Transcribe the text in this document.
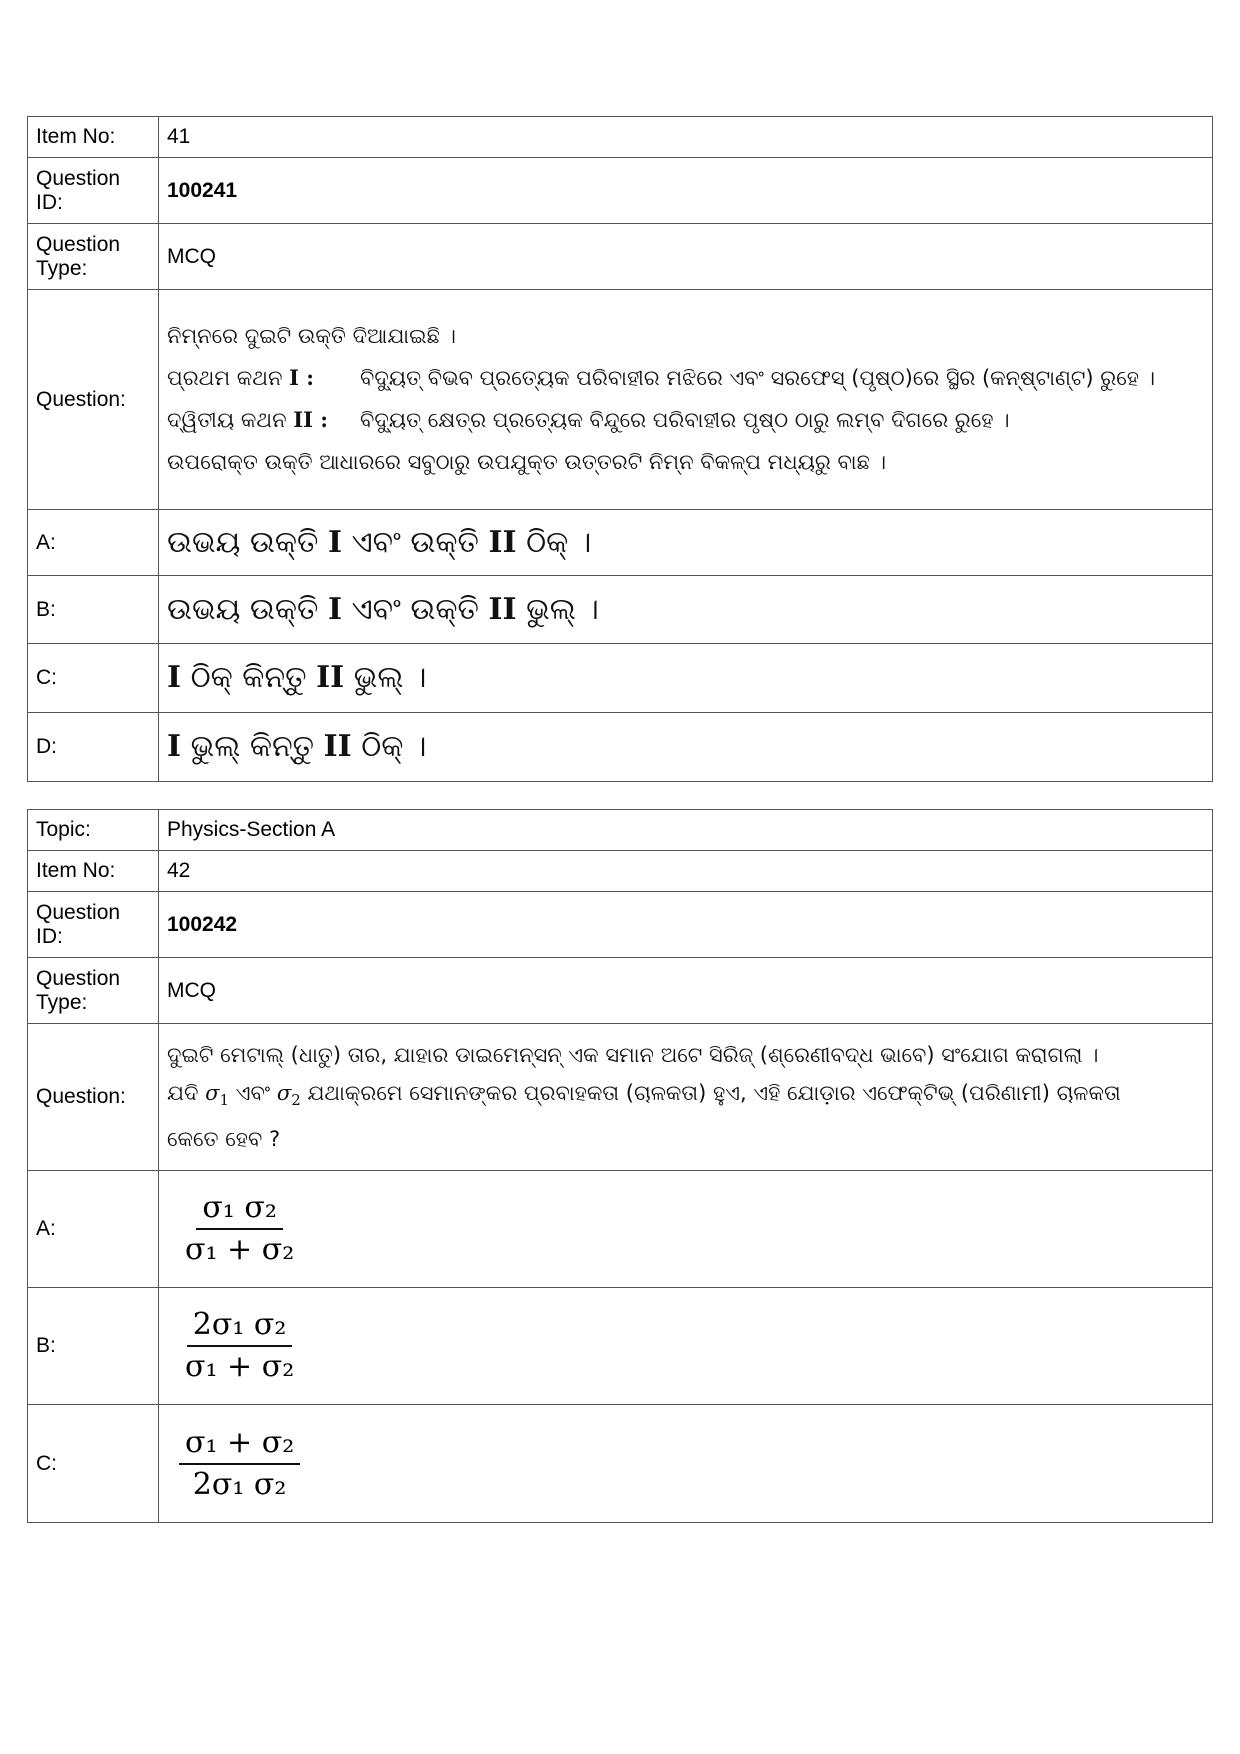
Item No:	41
Question ID:	100241
Question Type:	MCQ
Question:	ନିମ୍ନରେ ଦୁଇଟି ଉକ୍ତି ଦିଆଯାଇଛି ।
ପ୍ରଥମ କଥନ I : ବିଦ୍ୟୁତ୍ ବିଭବ ପ୍ରତ୍ୟେକ ପରିବାହୀର ମଝିରେ ଏବଂ ସରଫେସ୍ (ପୃଷ୍ଠ)ରେ ସ୍ଥିର (କନ୍ଷ୍ଟାଣ୍ଟ) ରୁହେ ।
ଦ୍ୱିତୀୟ କଥନ II : ବିଦ୍ୟୁତ୍ କ୍ଷେତ୍ର ପ୍ରତ୍ୟେକ ବିନ୍ଦୁରେ ପରିବାହୀର ପୃଷ୍ଠ ଠାରୁ ଲମ୍ବ ଦିଗରେ ରୁହେ ।
ଉପରୋକ୍ତ ଉକ୍ତି ଆଧାରରେ ସବୁଠାରୁ ଉପଯୁକ୍ତ ଉତ୍ତରଟି ନିମ୍ନ ବିକଳ୍ପ ମଧ୍ୟରୁ ବାଛ ।

A:	ଉଭୟ ଉକ୍ତି I ଏବଂ ଉକ୍ତି II ଠିକ୍ ।
B:	ଉଭୟ ଉକ୍ତି I ଏବଂ ଉକ୍ତି II ଭୁଲ୍ ।
C:	I ଠିକ୍ କିନ୍ତୁ II ଭୁଲ୍ ।
D:	I ଭୁଲ୍ କିନ୍ତୁ II ଠିକ୍ ।
Topic:	Physics-Section A
Item No:	42
Question ID:	100242
Question Type:	MCQ
Question:	ଦୁଇଟି ମେଟାଲ୍ (ଧାତୁ) ତାର, ଯାହାର ଡାଇମେନ୍ସନ୍ ଏକ ସମାନ ଅଟେ ସିରିଜ୍ (ଶ୍ରେଣୀବଦ୍ଧ ଭାବେ) ସଂଯୋଗ କରାଗଲା ।
ଯଦି $\sigma_1$ ଏବଂ $\sigma_2$ ଯଥାକ୍ରମେ ସେମାନଙ୍କର ପ୍ରବାହକତା (ଚାଳକତା) ହୁଏ, ଏହି ଯୋଡ଼ାର ଏଫେକ୍ଟିଭ୍ (ପରିଣାମୀ) ଚାଳକତା
କେତେ ହେବ ?

A:	$\frac{\text{σ₁ σ₂}}{\text{σ₁ + σ₂}}$

B:	$\frac{\text{2σ₁ σ₂}}{\text{σ₁ + σ₂}}$

C:	$\frac{\text{σ₁ + σ₂}}{\text{2σ₁ σ₂}}$
